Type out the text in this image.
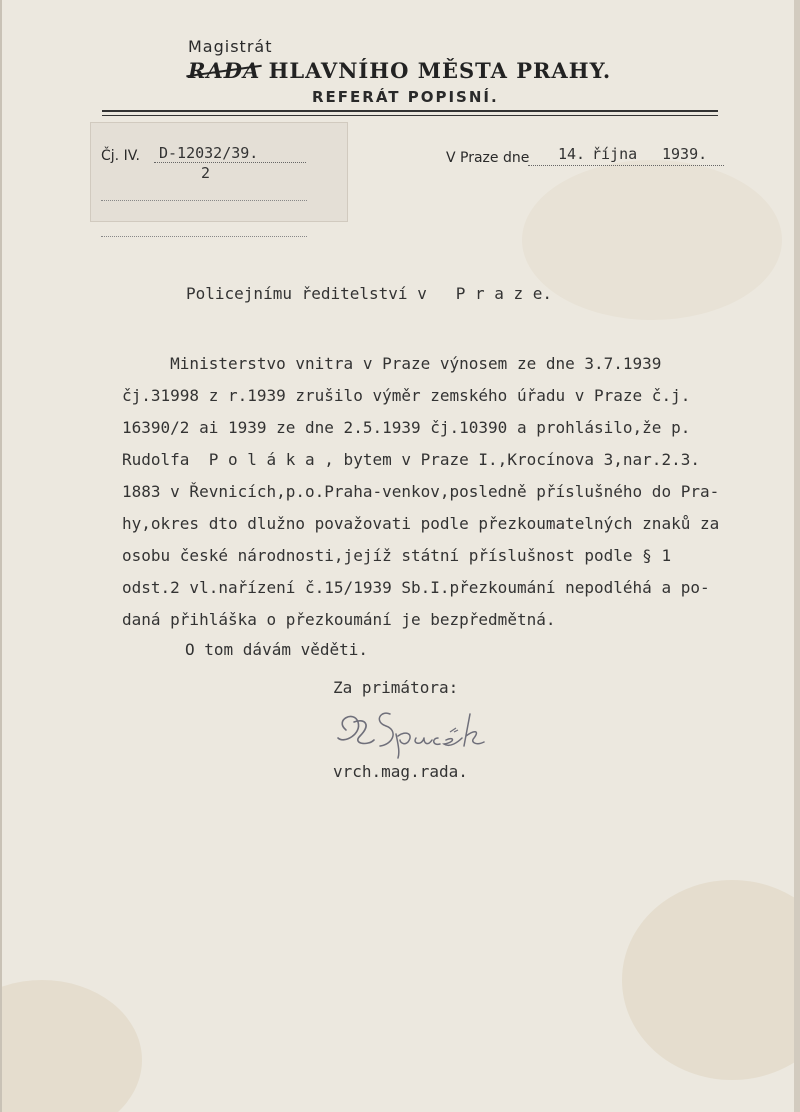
Magistrát
RADA HLAVNÍHO MĚSTA PRAHY.
REFERÁT POPISNÍ.
Čj. IV. D-12032/39.
2
V Praze dne 14. října 1939.
Policejnímu ředitelství v   P r a z e.
Ministerstvo vnitra v Praze výnosem ze dne 3.7.1939
čj.31998 z r.1939 zrušilo výměr zemského úřadu v Praze č.j.
16390/2 ai 1939 ze dne 2.5.1939 čj.10390 a prohlásilo,že p.
Rudolfa  P o l á k a , bytem v Praze I.,Krocínova 3,nar.2.3.
1883 v Řevnicích,p.o.Praha-venkov,posledně příslušného do Pra-
hy,okres dto dlužno považovati podle přezkoumatelných znaků za
osobu české národnosti,jejíž státní příslušnost podle § 1
odst.2 vl.nařízení č.15/1939 Sb.I.přezkoumání nepodléhá a po-
daná přihláška o přezkoumání je bezpředmětná.
O tom dávám věděti.
Za primátora:
vrch.mag.rada.
